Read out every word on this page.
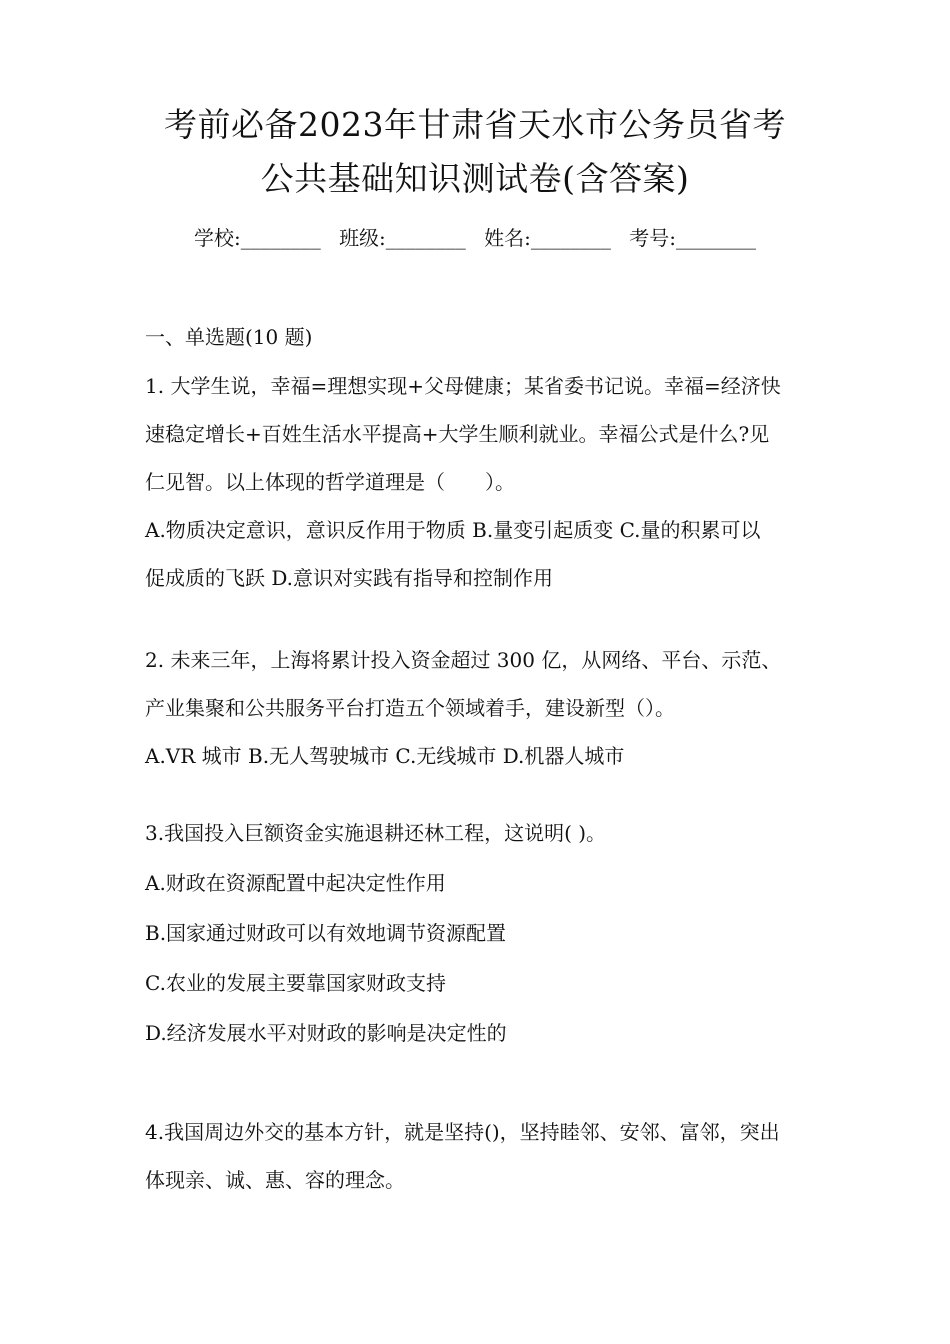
考前必备2023年甘肃省天水市公务员省考
公共基础知识测试卷(含答案)
学校:________ 班级:________ 姓名:________ 考号:________
一、单选题(10 题)

1. 大学生说，幸福=理想实现+父母健康；某省委书记说。幸福=经济快

速稳定增长+百姓生活水平提高+大学生顺利就业。幸福公式是什么?见

仁见智。以上体现的哲学道理是（　　）。

A.物质决定意识，意识反作用于物质 B.量变引起质变 C.量的积累可以

促成质的飞跃 D.意识对实践有指导和控制作用

2. 未来三年，上海将累计投入资金超过 300 亿，从网络、平台、示范、

产业集聚和公共服务平台打造五个领域着手，建设新型（）。

A.VR 城市 B.无人驾驶城市 C.无线城市 D.机器人城市

3.我国投入巨额资金实施退耕还林工程，这说明( )。

A.财政在资源配置中起决定性作用

B.国家通过财政可以有效地调节资源配置

C.农业的发展主要靠国家财政支持

D.经济发展水平对财政的影响是决定性的

4.我国周边外交的基本方针，就是坚持()，坚持睦邻、安邻、富邻，突出

体现亲、诚、惠、容的理念。
